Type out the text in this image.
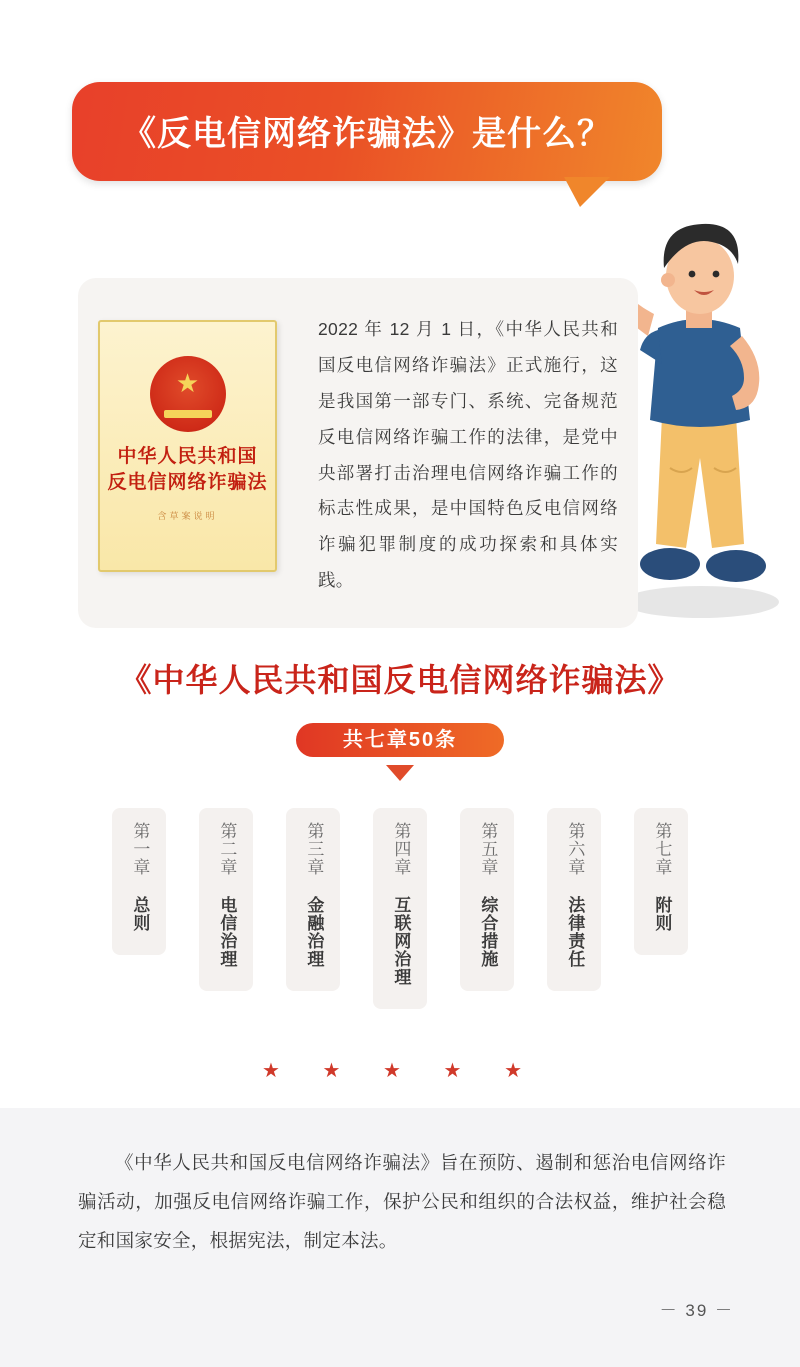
《反电信网络诈骗法》是什么？
★
中华人民共和国
反电信网络诈骗法
含草案说明
2022 年 12 月 1 日，《中华人民共和国反电信网络诈骗法》正式施行，这是我国第一部专门、系统、完备规范反电信网络诈骗工作的法律，是党中央部署打击治理电信网络诈骗工作的标志性成果，是中国特色反电信网络诈骗犯罪制度的成功探索和具体实践。
《中华人民共和国反电信网络诈骗法》
共七章50条
第一章 总则
第二章 电信治理
第三章 金融治理
第四章 互联网治理
第五章 综合措施
第六章 法律责任
第七章 附则
★ ★ ★ ★ ★
《中华人民共和国反电信网络诈骗法》旨在预防、遏制和惩治电信网络诈骗活动，加强反电信网络诈骗工作，保护公民和组织的合法权益，维护社会稳定和国家安全，根据宪法，制定本法。
－ 39 －
